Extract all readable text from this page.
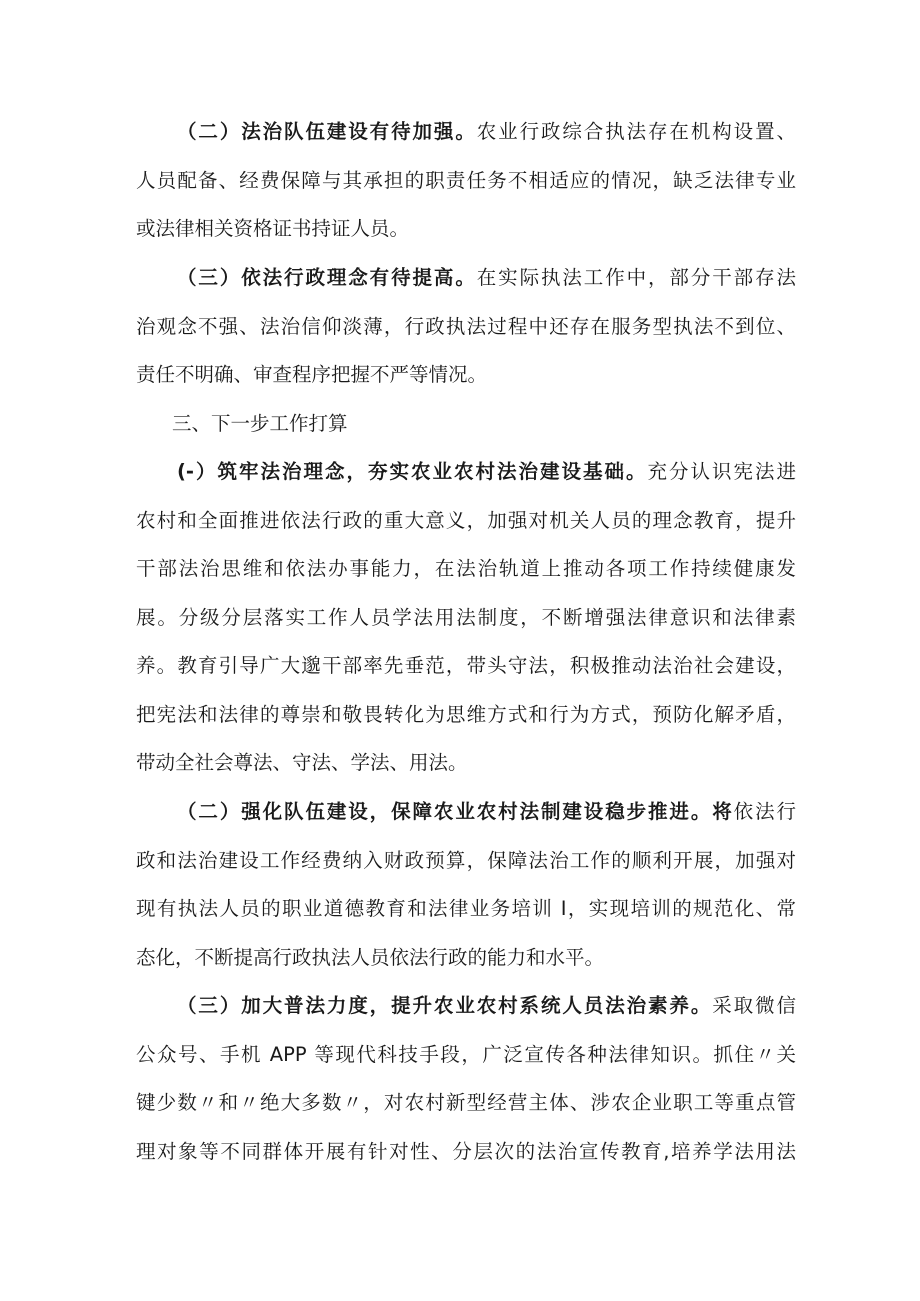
（二）法治队伍建设有待加强。农业行政综合执法存在机构设置、
人员配备、经费保障与其承担的职责任务不相适应的情况，缺乏法律专业
或法律相关资格证书持证人员。
（三）依法行政理念有待提高。在实际执法工作中，部分干部存法
治观念不强、法治信仰淡薄，行政执法过程中还存在服务型执法不到位、
责任不明确、审查程序把握不严等情况。
三、下一步工作打算
(-）筑牢法治理念，夯实农业农村法治建设基础。充分认识宪法进
农村和全面推进依法行政的重大意义，加强对机关人员的理念教育，提升
干部法治思维和依法办事能力，在法治轨道上推动各项工作持续健康发
展。分级分层落实工作人员学法用法制度，不断增强法律意识和法律素
养。教育引导广大邈干部率先垂范，带头守法，积极推动法治社会建设，
把宪法和法律的尊崇和敬畏转化为思维方式和行为方式，预防化解矛盾，
带动全社会尊法、守法、学法、用法。
（二）强化队伍建设，保障农业农村法制建设稳步推进。将依法行
政和法治建设工作经费纳入财政预算，保障法治工作的顺利开展，加强对
现有执法人员的职业道德教育和法律业务培训 I，实现培训的规范化、常
态化，不断提高行政执法人员依法行政的能力和水平。
（三）加大普法力度，提升农业农村系统人员法治素养。采取微信
公众号、手机 APP 等现代科技手段，广泛宣传各种法律知识。抓住〃关
键少数〃和〃绝大多数〃，对农村新型经营主体、涉农企业职工等重点管
理对象等不同群体开展有针对性、分层次的法治宣传教育,培养学法用法
